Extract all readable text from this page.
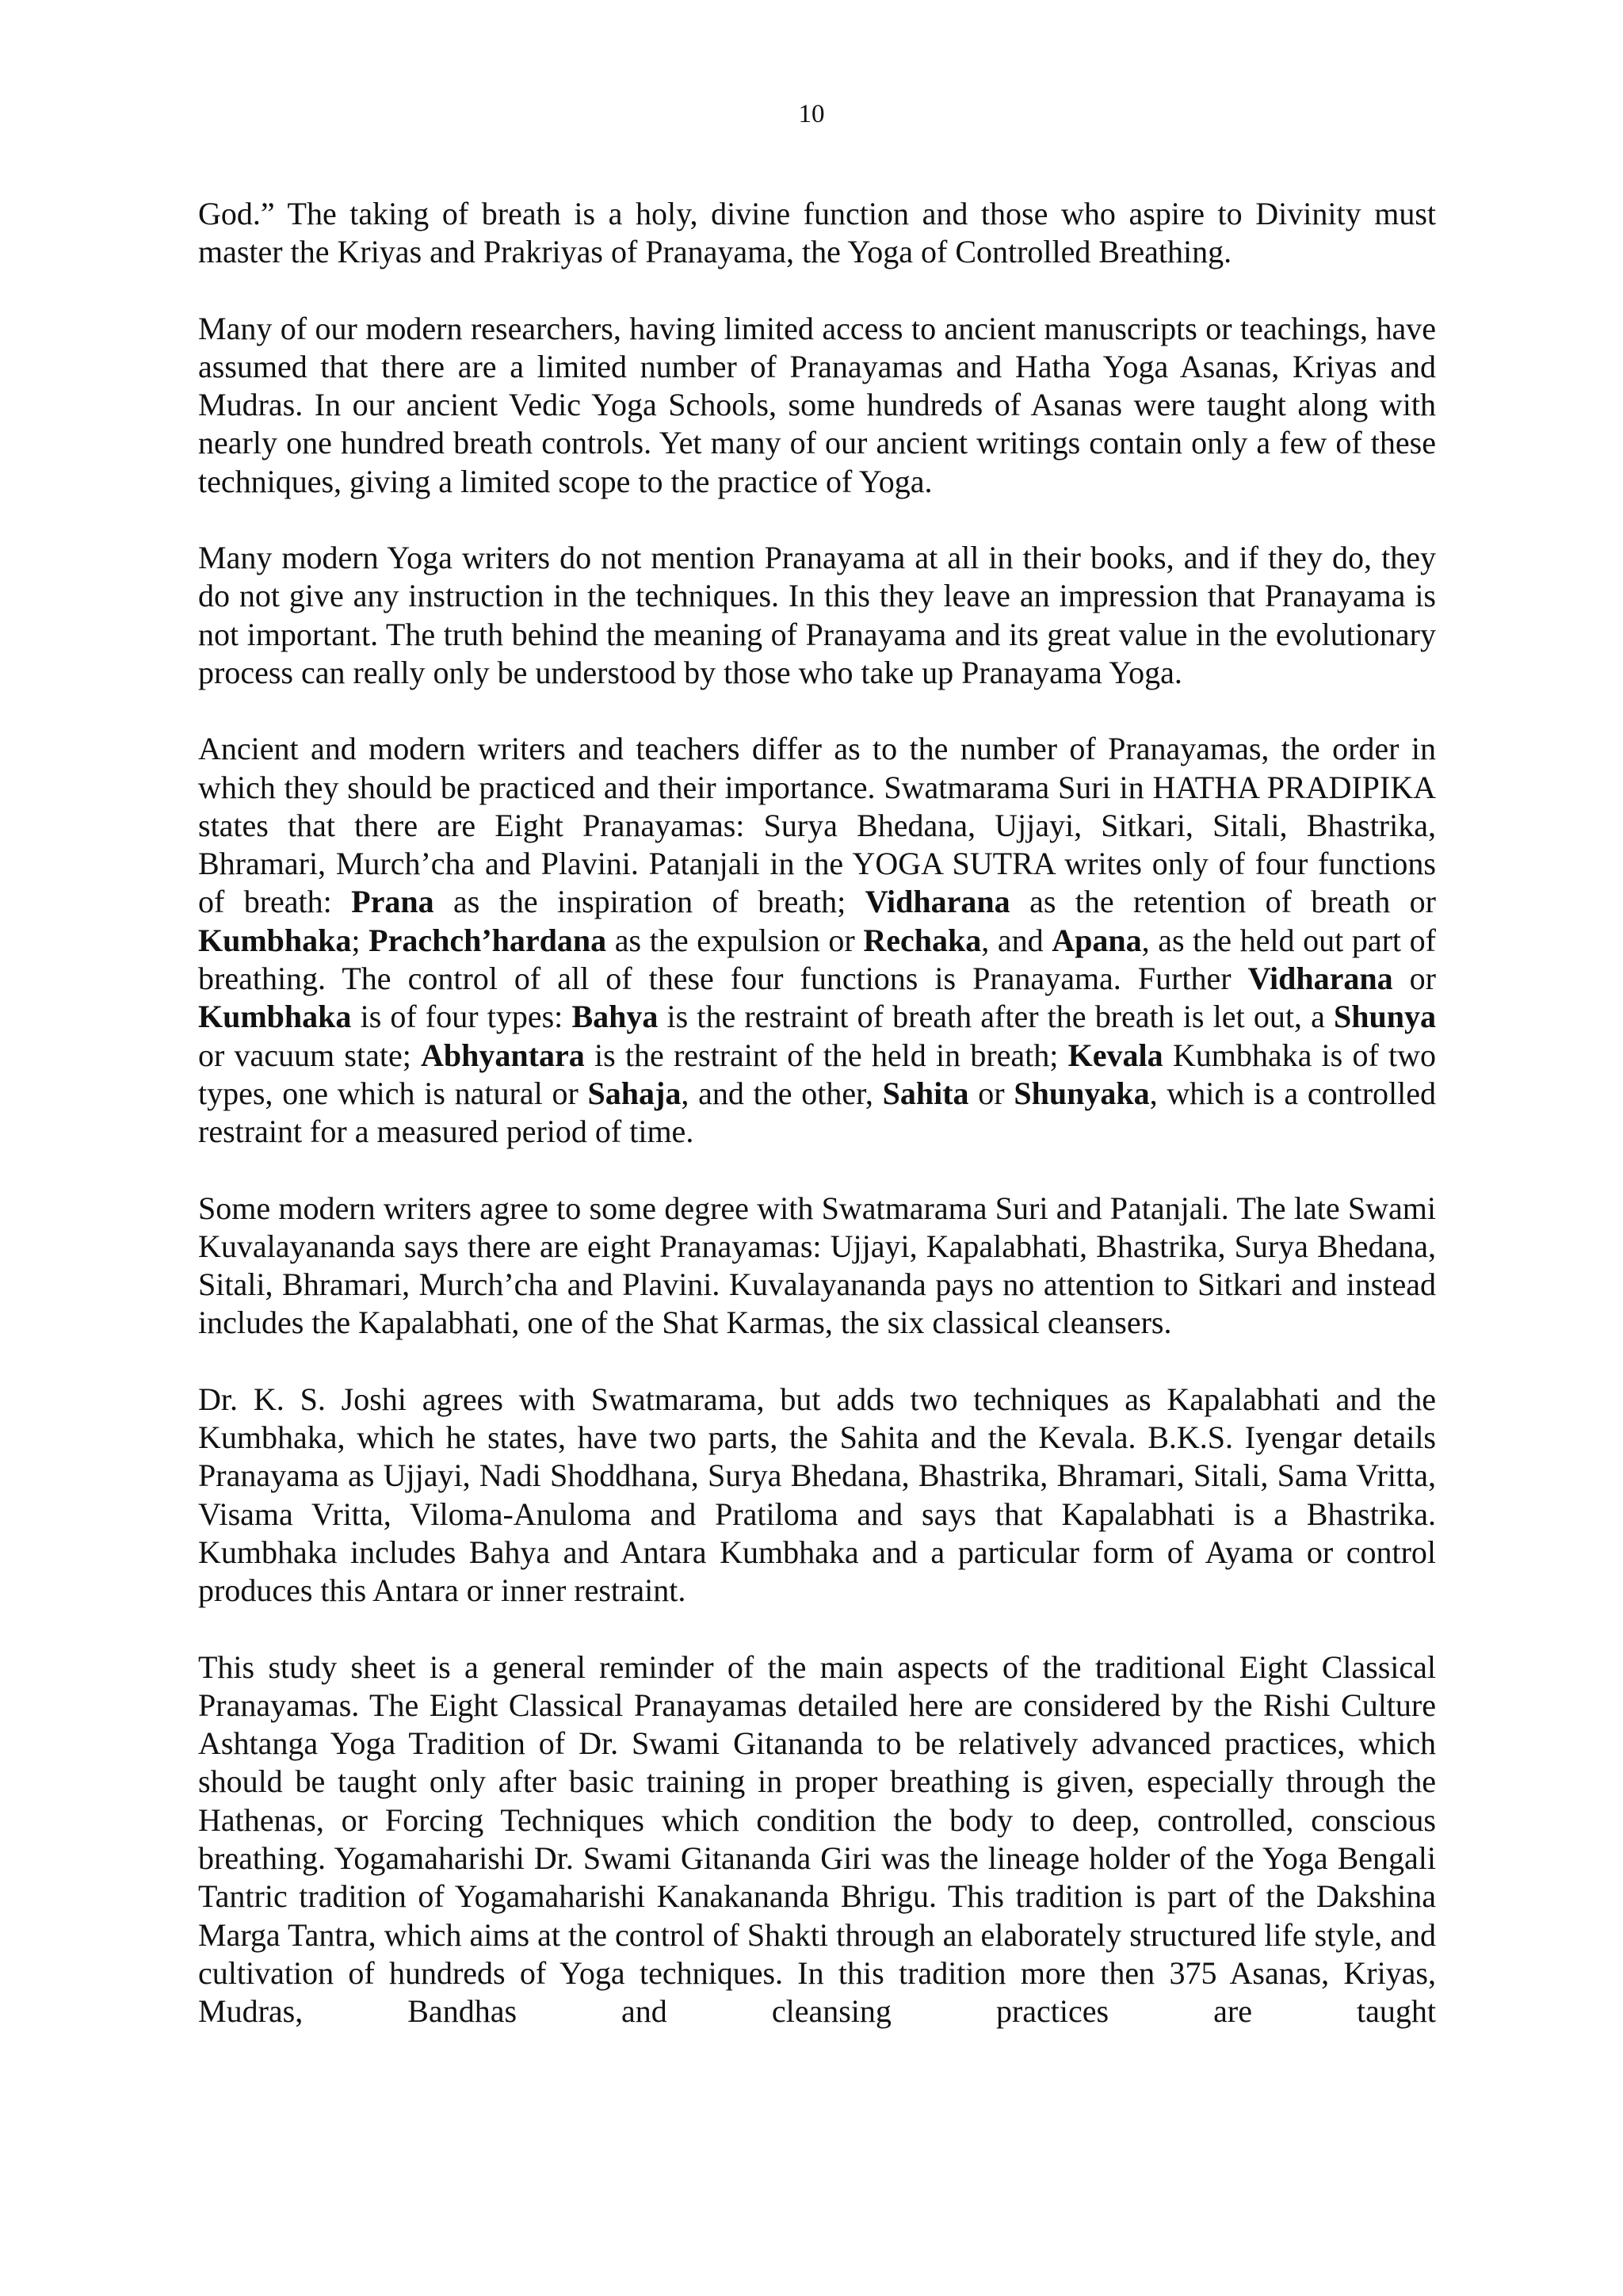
10

God.” The taking of breath is a holy, divine function and those who aspire to Divinity must master the Kriyas and Prakriyas of Pranayama, the Yoga of Controlled Breathing.

Many of our modern researchers, having limited access to ancient manuscripts or teachings, have assumed that there are a limited number of Pranayamas and Hatha Yoga Asanas, Kriyas and Mudras. In our ancient Vedic Yoga Schools, some hundreds of Asanas were taught along with nearly one hundred breath controls. Yet many of our ancient writings contain only a few of these techniques, giving a limited scope to the practice of Yoga.

Many modern Yoga writers do not mention Pranayama at all in their books, and if they do, they do not give any instruction in the techniques. In this they leave an impression that Pranayama is not important. The truth behind the meaning of Pranayama and its great value in the evolutionary process can really only be understood by those who take up Pranayama Yoga.

Ancient and modern writers and teachers differ as to the number of Pranayamas, the order in which they should be practiced and their importance. Swatmarama Suri in HATHA PRADIPIKA states that there are Eight Pranayamas: Surya Bhedana, Ujjayi, Sitkari, Sitali, Bhastrika, Bhramari, Murch’cha and Plavini. Patanjali in the YOGA SUTRA writes only of four functions of breath: Prana as the inspiration of breath; Vidharana as the retention of breath or Kumbhaka; Prachch’hardana as the expulsion or Rechaka, and Apana, as the held out part of breathing. The control of all of these four functions is Pranayama. Further Vidharana or Kumbhaka is of four types: Bahya is the restraint of breath after the breath is let out, a Shunya or vacuum state; Abhyantara is the restraint of the held in breath; Kevala Kumbhaka is of two types, one which is natural or Sahaja, and the other, Sahita or Shunyaka, which is a controlled restraint for a measured period of time.

Some modern writers agree to some degree with Swatmarama Suri and Patanjali. The late Swami Kuvalayananda says there are eight Pranayamas: Ujjayi, Kapalabhati, Bhastrika, Surya Bhedana, Sitali, Bhramari, Murch’cha and Plavini. Kuvalayananda pays no attention to Sitkari and instead includes the Kapalabhati, one of the Shat Karmas, the six classical cleansers.

Dr. K. S. Joshi agrees with Swatmarama, but adds two techniques as Kapalabhati and the Kumbhaka, which he states, have two parts, the Sahita and the Kevala. B.K.S. Iyengar details Pranayama as Ujjayi, Nadi Shoddhana, Surya Bhedana, Bhastrika, Bhramari, Sitali, Sama Vritta, Visama Vritta, Viloma-Anuloma and Pratiloma and says that Kapalabhati is a Bhastrika. Kumbhaka includes Bahya and Antara Kumbhaka and a particular form of Ayama or control produces this Antara or inner restraint.

This study sheet is a general reminder of the main aspects of the traditional Eight Classical Pranayamas. The Eight Classical Pranayamas detailed here are considered by the Rishi Culture Ashtanga Yoga Tradition of Dr. Swami Gitananda to be relatively advanced practices, which should be taught only after basic training in proper breathing is given, especially through the Hathenas, or Forcing Techniques which condition the body to deep, controlled, conscious breathing. Yogamaharishi Dr. Swami Gitananda Giri was the lineage holder of the Yoga Bengali Tantric tradition of Yogamaharishi Kanakananda Bhrigu. This tradition is part of the Dakshina Marga Tantra, which aims at the control of Shakti through an elaborately structured life style, and cultivation of hundreds of Yoga techniques. In this tradition more then 375 Asanas, Kriyas, Mudras, Bandhas and cleansing practices are taught
